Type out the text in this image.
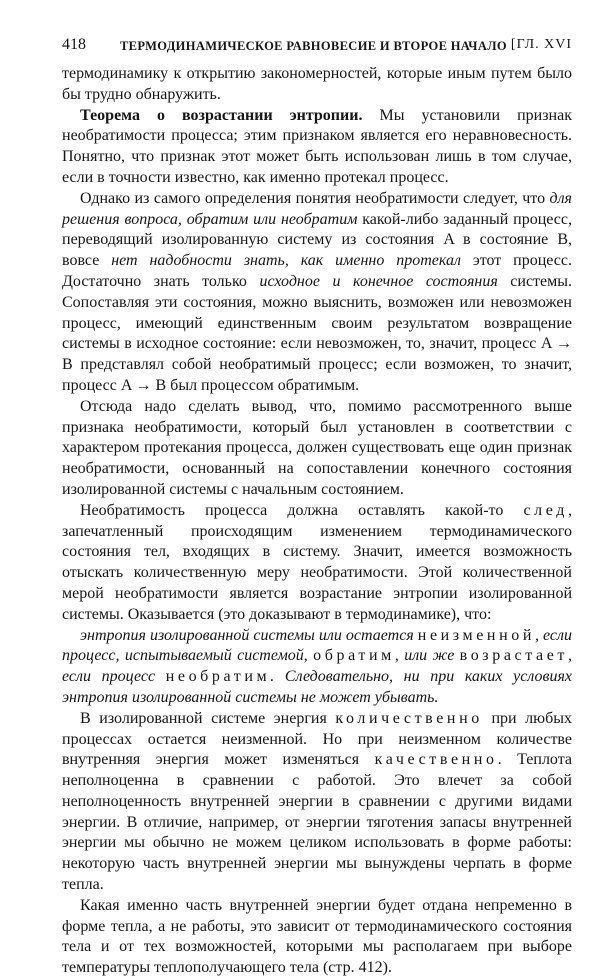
418	ТЕРМОДИНАМИЧЕСКОЕ РАВНОВЕСИЕ И ВТОРОЕ НАЧАЛО [ГЛ. XVI

термодинамику к открытию закономерностей, которые иным путем было бы трудно обнаружить.

Теорема о возрастании энтропии. Мы установили признак необратимости процесса; этим признаком является его неравновесность. Понятно, что признак этот может быть использован лишь в том случае, если в точности известно, как именно протекал процесс.

Однако из самого определения понятия необратимости следует, что для решения вопроса, обратим или необратим какой-либо заданный процесс, переводящий изолированную систему из состояния A в состояние B, вовсе нет надобности знать, как именно протекал этот процесс. Достаточно знать только исходное и конечное состояния системы. Сопоставляя эти состояния, можно выяснить, возможен или невозможен процесс, имеющий единственным своим результатом возвращение системы в исходное состояние: если невозможен, то, значит, процесс A → B представлял собой необратимый процесс; если возможен, то значит, процесс A → B был процессом обратимым.

Отсюда надо сделать вывод, что, помимо рассмотренного выше признака необратимости, который был установлен в соответствии с характером протекания процесса, должен существовать еще один признак необратимости, основанный на сопоставлении конечного состояния изолированной системы с начальным состоянием.

Необратимость процесса должна оставлять какой-то след, запечатленный происходящим изменением термодинамического состояния тел, входящих в систему. Значит, имеется возможность отыскать количественную меру необратимости. Этой количественной мерой необратимости является возрастание энтропии изолированной системы. Оказывается (это доказывают в термодинамике), что:

энтропия изолированной системы или остается неизменной, если процесс, испытываемый системой, обратим, или же возрастает, если процесс необратим. Следовательно, ни при каких условиях энтропия изолированной системы не может убывать.

В изолированной системе энергия количественно при любых процессах остается неизменной. Но при неизменном количестве внутренняя энергия может изменяться качественно. Теплота неполноценна в сравнении с работой. Это влечет за собой неполноценность внутренней энергии в сравнении с другими видами энергии. В отличие, например, от энергии тяготения запасы внутренней энергии мы обычно не можем целиком использовать в форме работы: некоторую часть внутренней энергии мы вынуждены черпать в форме тепла.

Какая именно часть внутренней энергии будет отдана непременно в форме тепла, а не работы, это зависит от термодинамического состояния тела и от тех возможностей, которыми мы располагаем при выборе температуры теплополучающего тела (стр. 412).
